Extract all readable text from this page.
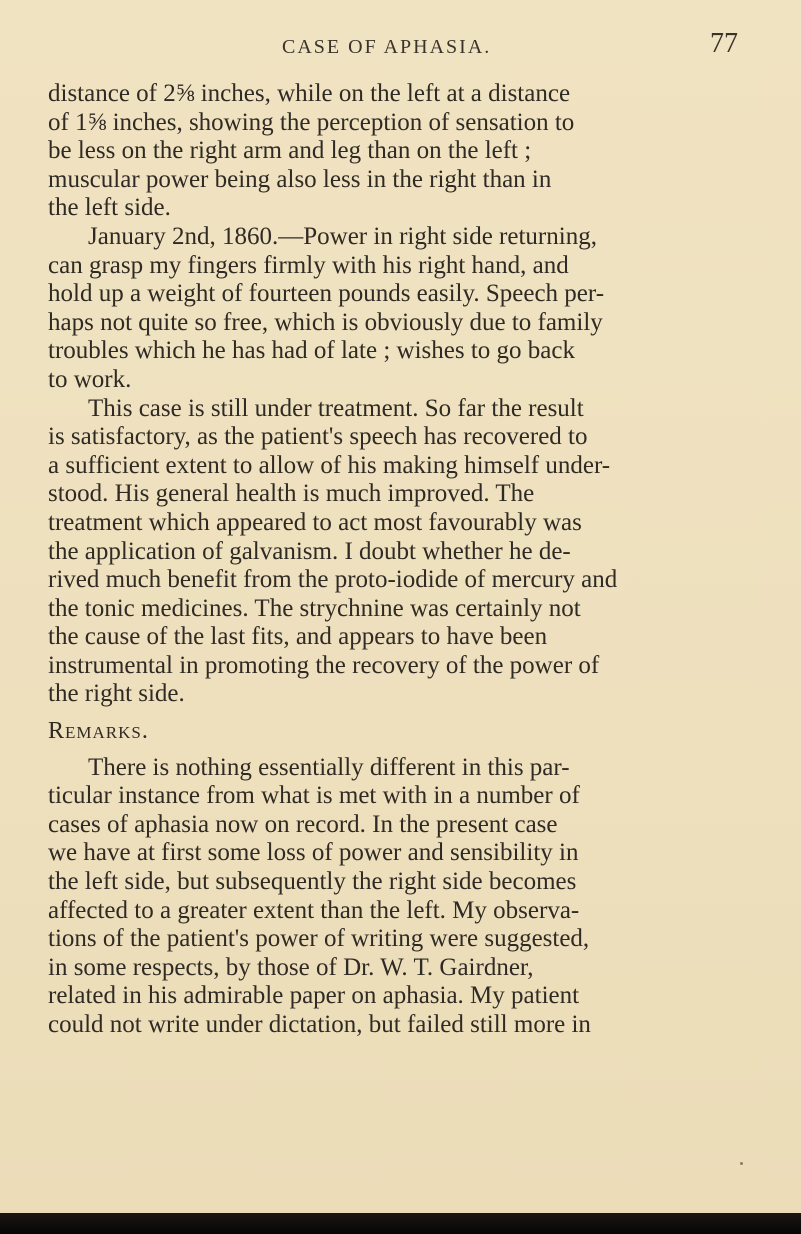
CASE OF APHASIA.	77

distance of 2⅝ inches, while on the left at a distance
of 1⅝ inches, showing the perception of sensation to
be less on the right arm and leg than on the left ;
muscular power being also less in the right than in
the left side.

January 2nd, 1860.—Power in right side returning,
can grasp my fingers firmly with his right hand, and
hold up a weight of fourteen pounds easily. Speech per-
haps not quite so free, which is obviously due to family
troubles which he has had of late ; wishes to go back
to work.

This case is still under treatment. So far the result
is satisfactory, as the patient's speech has recovered to
a sufficient extent to allow of his making himself under-
stood. His general health is much improved. The
treatment which appeared to act most favourably was
the application of galvanism. I doubt whether he de-
rived much benefit from the proto-iodide of mercury and
the tonic medicines. The strychnine was certainly not
the cause of the last fits, and appears to have been
instrumental in promoting the recovery of the power of
the right side.

Remarks.

There is nothing essentially different in this par-
ticular instance from what is met with in a number of
cases of aphasia now on record. In the present case
we have at first some loss of power and sensibility in
the left side, but subsequently the right side becomes
affected to a greater extent than the left. My observa-
tions of the patient's power of writing were suggested,
in some respects, by those of Dr. W. T. Gairdner,
related in his admirable paper on aphasia. My patient
could not write under dictation, but failed still more in
